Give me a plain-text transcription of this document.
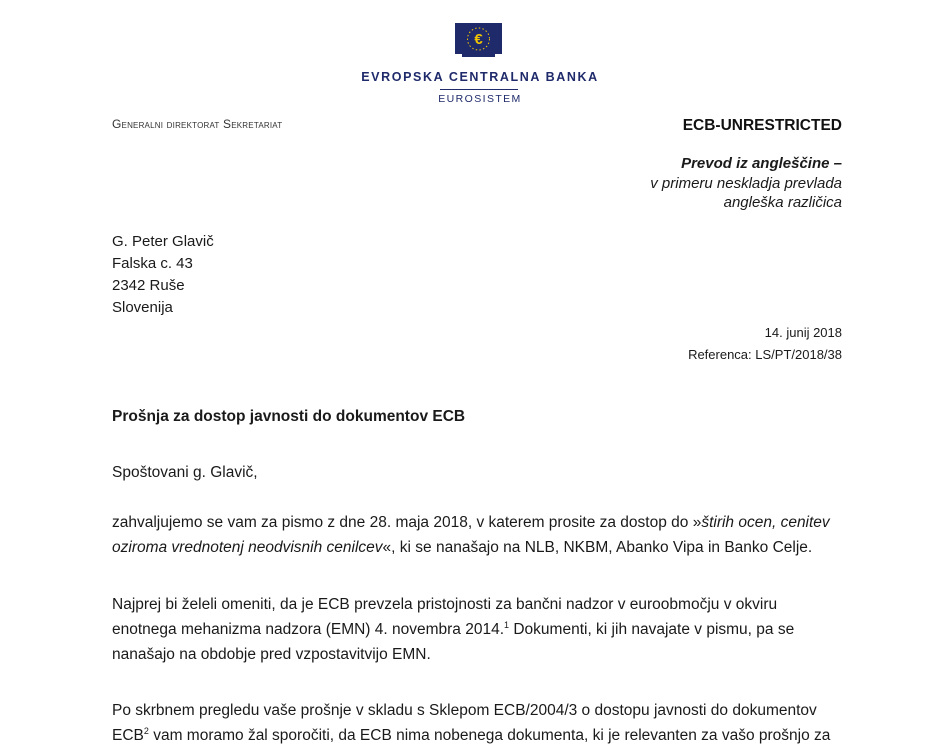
€
EVROPSKA CENTRALNA BANKA
EUROSISTEM
Generalni direktorat Sekretariat	ECB-UNRESTRICTED
Prevod iz angleščine –
v primeru neskladja prevlada
angleška različica
G. Peter Glavič
Falska c. 43
2342 Ruše
Slovenija
14. junij 2018
Referenca: LS/PT/2018/38
Prošnja za dostop javnosti do dokumentov ECB
Spoštovani g. Glavič,
zahvaljujemo se vam za pismo z dne 28. maja 2018, v katerem prosite za dostop do »štirih ocen, cenitev
oziroma vrednotenj neodvisnih cenilcev«, ki se nanašajo na NLB, NKBM, Abanko Vipa in Banko Celje.
Najprej bi želeli omeniti, da je ECB prevzela pristojnosti za bančni nadzor v euroobmočju v okviru
enotnega mehanizma nadzora (EMN) 4. novembra 2014.$^1$ Dokumenti, ki jih navajate v pismu, pa se
nanašajo na obdobje pred vzpostavitvijo EMN.
Po skrbnem pregledu vaše prošnje v skladu s Sklepom ECB/2004/3 o dostopu javnosti do dokumentov
ECB$^2$ vam moramo žal sporočiti, da ECB nima nobenega dokumenta, ki je relevanten za vašo prošnjo za
